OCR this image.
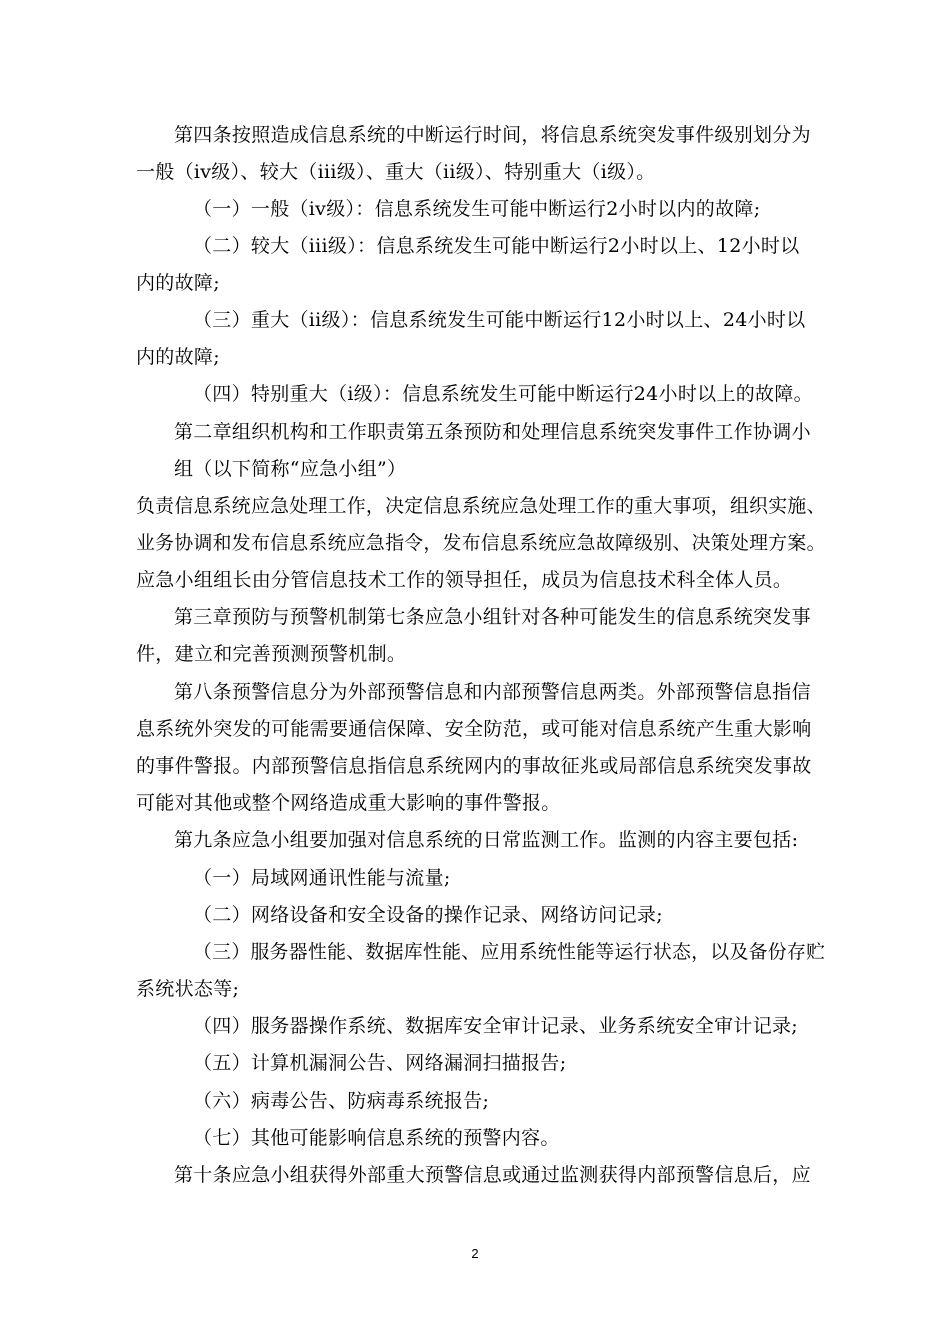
第四条按照造成信息系统的中断运行时间，将信息系统突发事件级别划分为
一般（iv级）、较大（iii级）、重大（ii级）、特别重大（i级）。
（一）一般（iv级）：信息系统发生可能中断运行2小时以内的故障;
（二）较大（iii级）：信息系统发生可能中断运行2小时以上、12小时以
内的故障;
（三）重大（ii级）：信息系统发生可能中断运行12小时以上、24小时以
内的故障;
（四）特别重大（i级）：信息系统发生可能中断运行24小时以上的故障。
第二章组织机构和工作职责第五条预防和处理信息系统突发事件工作协调小
组（以下简称“应急小组”）
负责信息系统应急处理工作，决定信息系统应急处理工作的重大事项，组织实施、
业务协调和发布信息系统应急指令，发布信息系统应急故障级别、决策处理方案。
应急小组组长由分管信息技术工作的领导担任，成员为信息技术科全体人员。
第三章预防与预警机制第七条应急小组针对各种可能发生的信息系统突发事
件，建立和完善预测预警机制。
第八条预警信息分为外部预警信息和内部预警信息两类。外部预警信息指信
息系统外突发的可能需要通信保障、安全防范，或可能对信息系统产生重大影响
的事件警报。内部预警信息指信息系统网内的事故征兆或局部信息系统突发事故
可能对其他或整个网络造成重大影响的事件警报。
第九条应急小组要加强对信息系统的日常监测工作。监测的内容主要包括:
（一）局域网通讯性能与流量;
（二）网络设备和安全设备的操作记录、网络访问记录;
（三）服务器性能、数据库性能、应用系统性能等运行状态，以及备份存贮
系统状态等;
（四）服务器操作系统、数据库安全审计记录、业务系统安全审计记录;
（五）计算机漏洞公告、网络漏洞扫描报告;
（六）病毒公告、防病毒系统报告;
（七）其他可能影响信息系统的预警内容。
第十条应急小组获得外部重大预警信息或通过监测获得内部预警信息后，应
2
